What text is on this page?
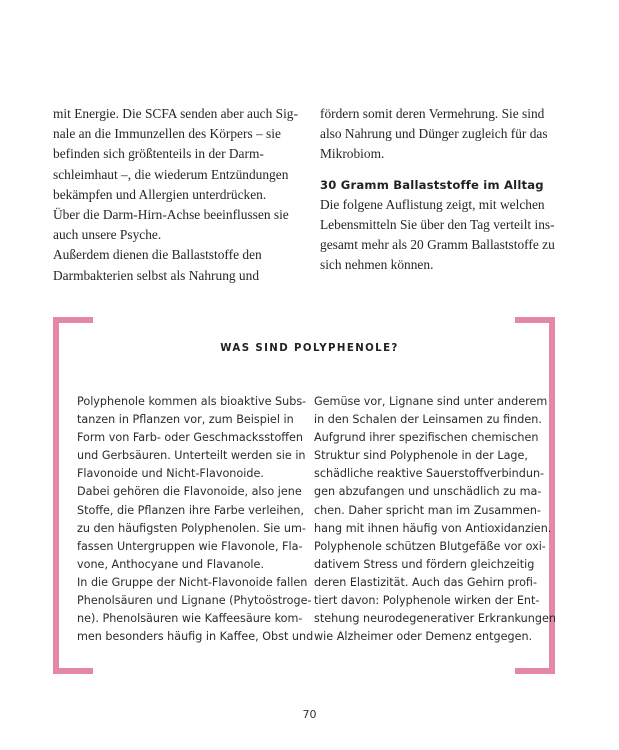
mit Energie. Die SCFA senden aber auch Sig-
nale an die Immunzellen des Körpers – sie
befinden sich größtenteils in der Darm-
schleimhaut –, die wiederum Entzündungen
bekämpfen und Allergien unterdrücken.
Über die Darm-Hirn-Achse beeinflussen sie
auch unsere Psyche.
Außerdem dienen die Ballaststoffe den
Darmbakterien selbst als Nahrung und
fördern somit deren Vermehrung. Sie sind
also Nahrung und Dünger zugleich für das
Mikrobiom.
30 Gramm Ballaststoffe im Alltag
Die folgene Auflistung zeigt, mit welchen
Lebensmitteln Sie über den Tag verteilt ins-
gesamt mehr als 20 Gramm Ballaststoffe zu
sich nehmen können.
WAS SIND POLYPHENOLE?
Polyphenole kommen als bioaktive Subs-
tanzen in Pflanzen vor, zum Beispiel in
Form von Farb- oder Geschmacksstoffen
und Gerbsäuren. Unterteilt werden sie in
Flavonoide und Nicht-Flavonoide.
Dabei gehören die Flavonoide, also jene
Stoffe, die Pflanzen ihre Farbe verleihen,
zu den häufigsten Polyphenolen. Sie um-
fassen Untergruppen wie Flavonole, Fla-
vone, Anthocyane und Flavanole.
In die Gruppe der Nicht-Flavonoide fallen
Phenolsäuren und Lignane (Phytoöstroge-
ne). Phenolsäuren wie Kaffeesäure kom-
men besonders häufig in Kaffee, Obst und
Gemüse vor, Lignane sind unter anderem
in den Schalen der Leinsamen zu finden.
Aufgrund ihrer spezifischen chemischen
Struktur sind Polyphenole in der Lage,
schädliche reaktive Sauerstoffverbindun-
gen abzufangen und unschädlich zu ma-
chen. Daher spricht man im Zusammen-
hang mit ihnen häufig von Antioxidanzien.
Polyphenole schützen Blutgefäße vor oxi-
dativem Stress und fördern gleichzeitig
deren Elastizität. Auch das Gehirn profi-
tiert davon: Polyphenole wirken der Ent-
stehung neurodegenerativer Erkrankungen
wie Alzheimer oder Demenz entgegen.
70
